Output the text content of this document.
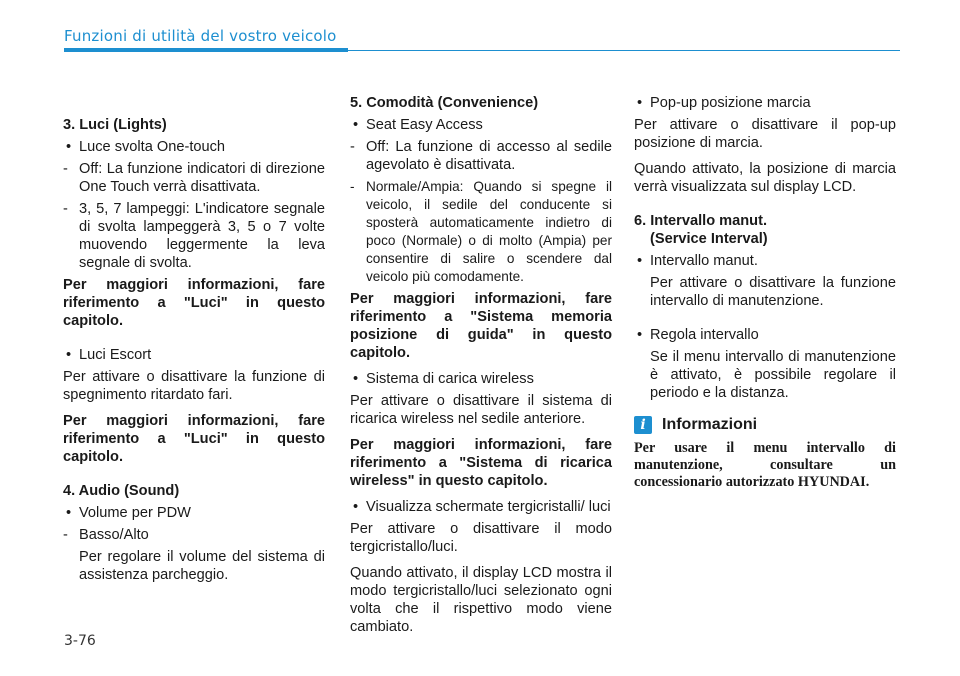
Funzioni di utilità del vostro veicolo

3. Luci (Lights)

• Luce svolta One-touch

- Off: La funzione indicatori di direzione One Touch verrà disattivata.

- 3, 5, 7 lampeggi: L'indicatore segnale di svolta lampeggerà 3, 5 o 7 volte muovendo leggermente la leva segnale di svolta.

Per maggiori informazioni, fare riferimento a "Luci" in questo capitolo.

• Luci Escort

Per attivare o disattivare la funzione di spegnimento ritardato fari.

Per maggiori informazioni, fare riferimento a "Luci" in questo capitolo.

4. Audio (Sound)

• Volume per PDW

- Basso/Alto

Per regolare il volume del sistema di assistenza parcheggio.

5. Comodità (Convenience)

• Seat Easy Access

- Off: La funzione di accesso al sedile agevolato è disattivata.

- Normale/Ampia: Quando si spegne il veicolo, il sedile del conducente si sposterà automaticamente indietro di poco (Normale) o di molto (Ampia) per consentire di salire o scendere dal veicolo più comodamente.

Per maggiori informazioni, fare riferimento a "Sistema memoria posizione di guida" in questo capitolo.

• Sistema di carica wireless

Per attivare o disattivare il sistema di ricarica wireless nel sedile anteriore.

Per maggiori informazioni, fare riferimento a "Sistema di ricarica wireless" in questo capitolo.

• Visualizza schermate tergicristalli/ luci

Per attivare o disattivare il modo tergicristallo/luci.

Quando attivato, il display LCD mostra il modo tergicristallo/luci selezionato ogni volta che il rispettivo modo viene cambiato.

• Pop-up posizione marcia

Per attivare o disattivare il pop-up posizione di marcia.

Quando attivato, la posizione di marcia verrà visualizzata sul display LCD.

6. Intervallo manut.

(Service Interval)

• Intervallo manut.

Per attivare o disattivare la funzione intervallo di manutenzione.

• Regola intervallo

Se il menu intervallo di manutenzione è attivato, è possibile regolare il periodo e la distanza.

i	Informazioni

Per usare il menu intervallo di manutenzione, consultare un concessionario autorizzato HYUNDAI.

3-76
